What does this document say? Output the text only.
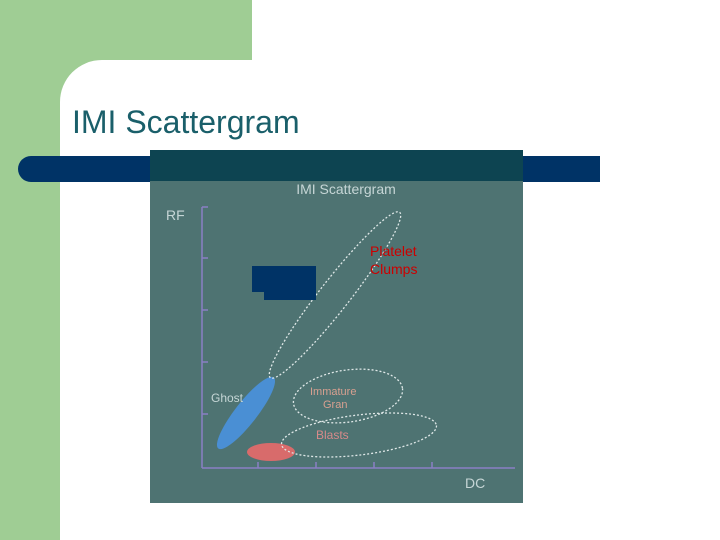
IMI Scattergram
IMI Scattergram
RF
DC
Ghost	Immature Gran
Blasts
Platelet
Clumps
